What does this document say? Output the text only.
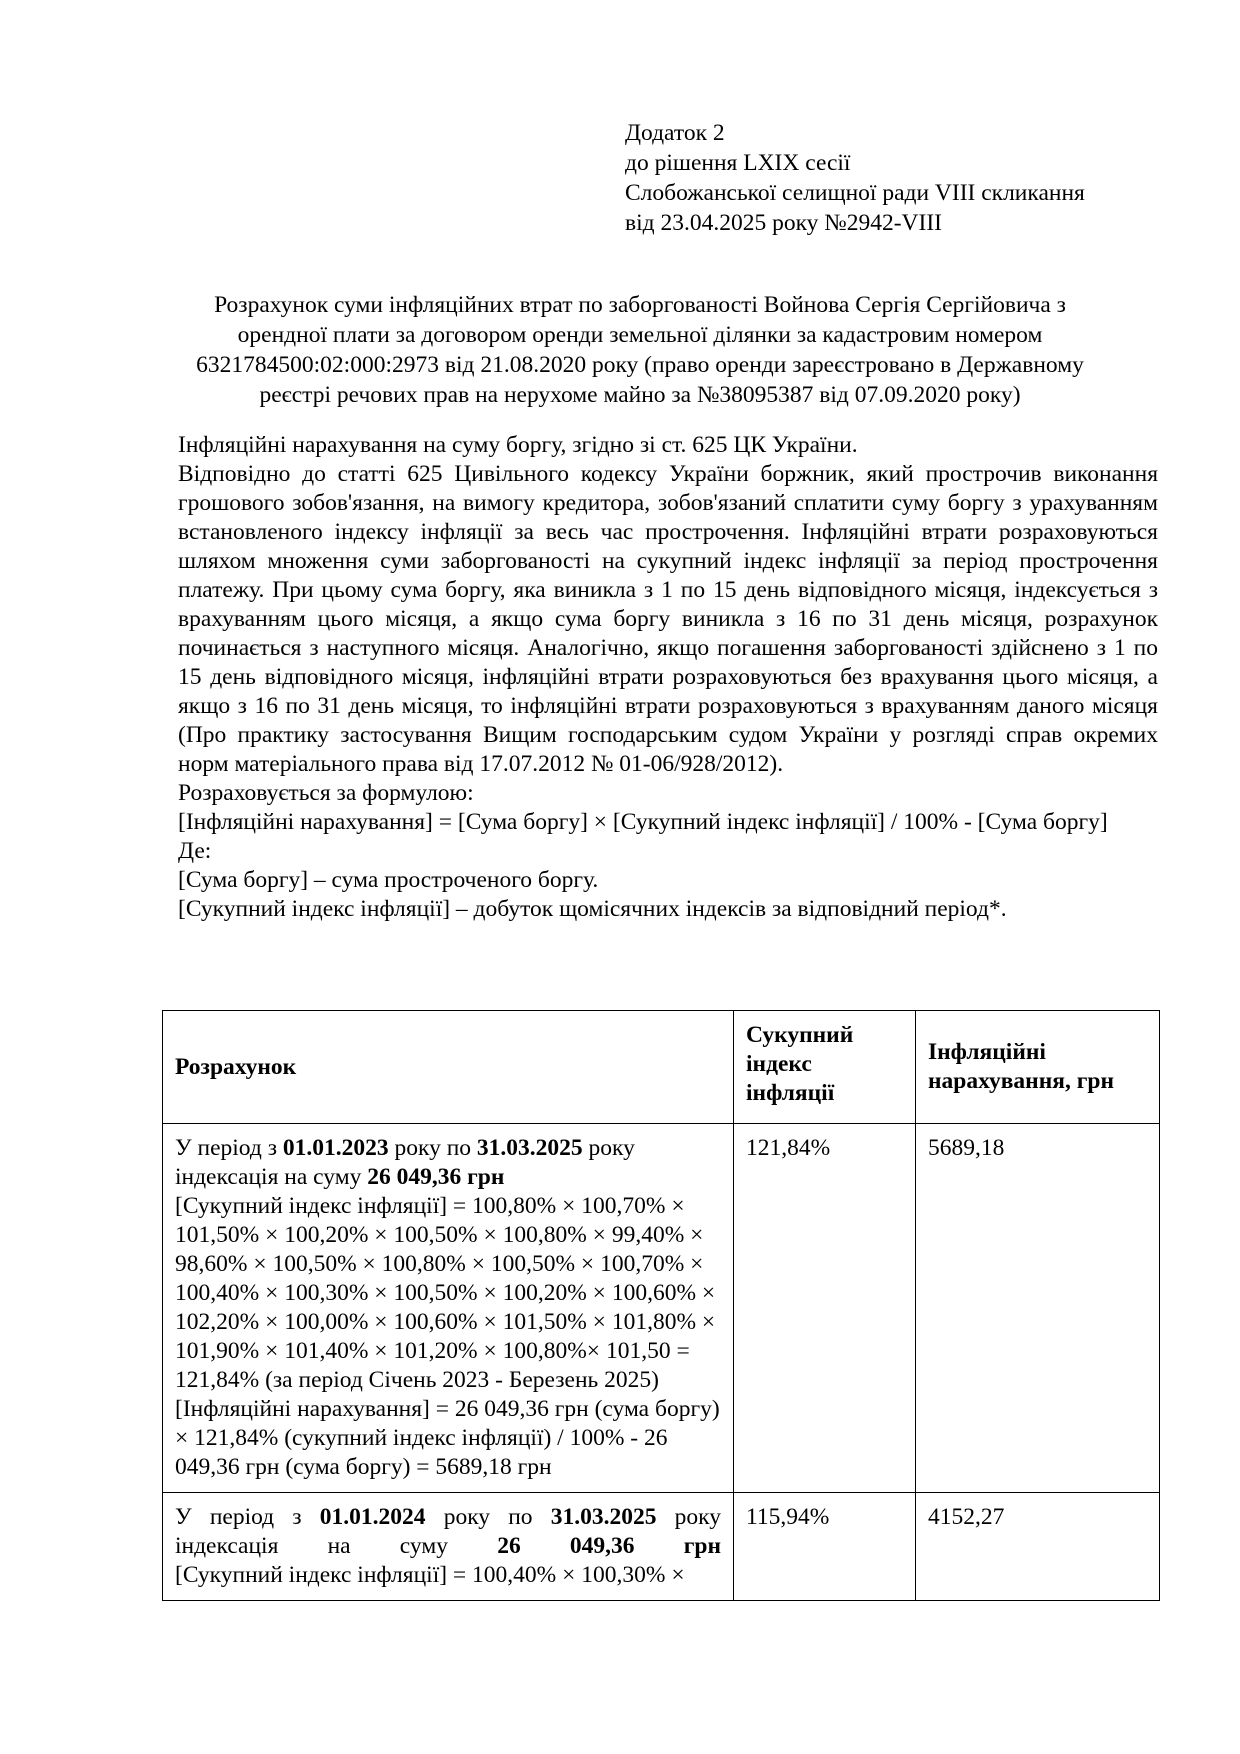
Додаток 2
до рішення LXIX сесії
Слобожанської селищної ради VIII скликання
від 23.04.2025 року №2942-VIII
Розрахунок суми інфляційних втрат по заборгованості Войнова Сергія Сергійовича з
орендної плати за договором оренди земельної ділянки за кадастровим номером
6321784500:02:000:2973 від 21.08.2020 року (право оренди зареєстровано в Державному
реєстрі речових прав на нерухоме майно за №38095387 від 07.09.2020 року)

Інфляційні нарахування на суму боргу, згідно зі ст. 625 ЦК України.

Відповідно до статті 625 Цивільного кодексу України боржник, який прострочив виконання грошового зобов'язання, на вимогу кредитора, зобов'язаний сплатити суму боргу з урахуванням встановленого індексу інфляції за весь час прострочення. Інфляційні втрати розраховуються шляхом множення суми заборгованості на сукупний індекс інфляції за період прострочення платежу. При цьому сума боргу, яка виникла з 1 по 15 день відповідного місяця, індексується з врахуванням цього місяця, а якщо сума боргу виникла з 16 по 31 день місяця, розрахунок починається з наступного місяця. Аналогічно, якщо погашення заборгованості здійснено з 1 по 15 день відповідного місяця, інфляційні втрати розраховуються без врахування цього місяця, а якщо з 16 по 31 день місяця, то інфляційні втрати розраховуються з врахуванням даного місяця (Про практику застосування Вищим господарським судом України у розгляді справ окремих норм матеріального права від 17.07.2012 № 01-06/928/2012).

Розраховується за формулою:

[Інфляційні нарахування] = [Сума боргу] × [Сукупний індекс інфляції] / 100% - [Сума боргу]

Де:

[Сума боргу] – сума простроченого боргу.

[Сукупний індекс інфляції] – добуток щомісячних індексів за відповідний період*.

Розрахунок	Сукупний індекс інфляції	Інфляційні нарахування, грн

У період з 01.01.2023 року по 31.03.2025 року
індексація на суму 26 049,36 грн
[Сукупний індекс інфляції] = 100,80% × 100,70% × 101,50% × 100,20% × 100,50% × 100,80% × 99,40% × 98,60% × 100,50% × 100,80% × 100,50% × 100,70% × 100,40% × 100,30% × 100,50% × 100,20% × 100,60% × 102,20% × 100,00% × 100,60% × 101,50% × 101,80% × 101,90% × 101,40% × 101,20% × 100,80%× 101,50 = 121,84% (за період Січень 2023 - Березень 2025)
[Інфляційні нарахування] = 26 049,36 грн (сума боргу) × 121,84% (сукупний індекс інфляції) / 100% - 26 049,36 грн (сума боргу) = 5689,18 грн	121,84%	5689,18

У період з 01.01.2024 року по 31.03.2025 року
індексація на суму 26 049,36 грн
[Сукупний індекс інфляції] = 100,40% × 100,30% ×	115,94%	4152,27
